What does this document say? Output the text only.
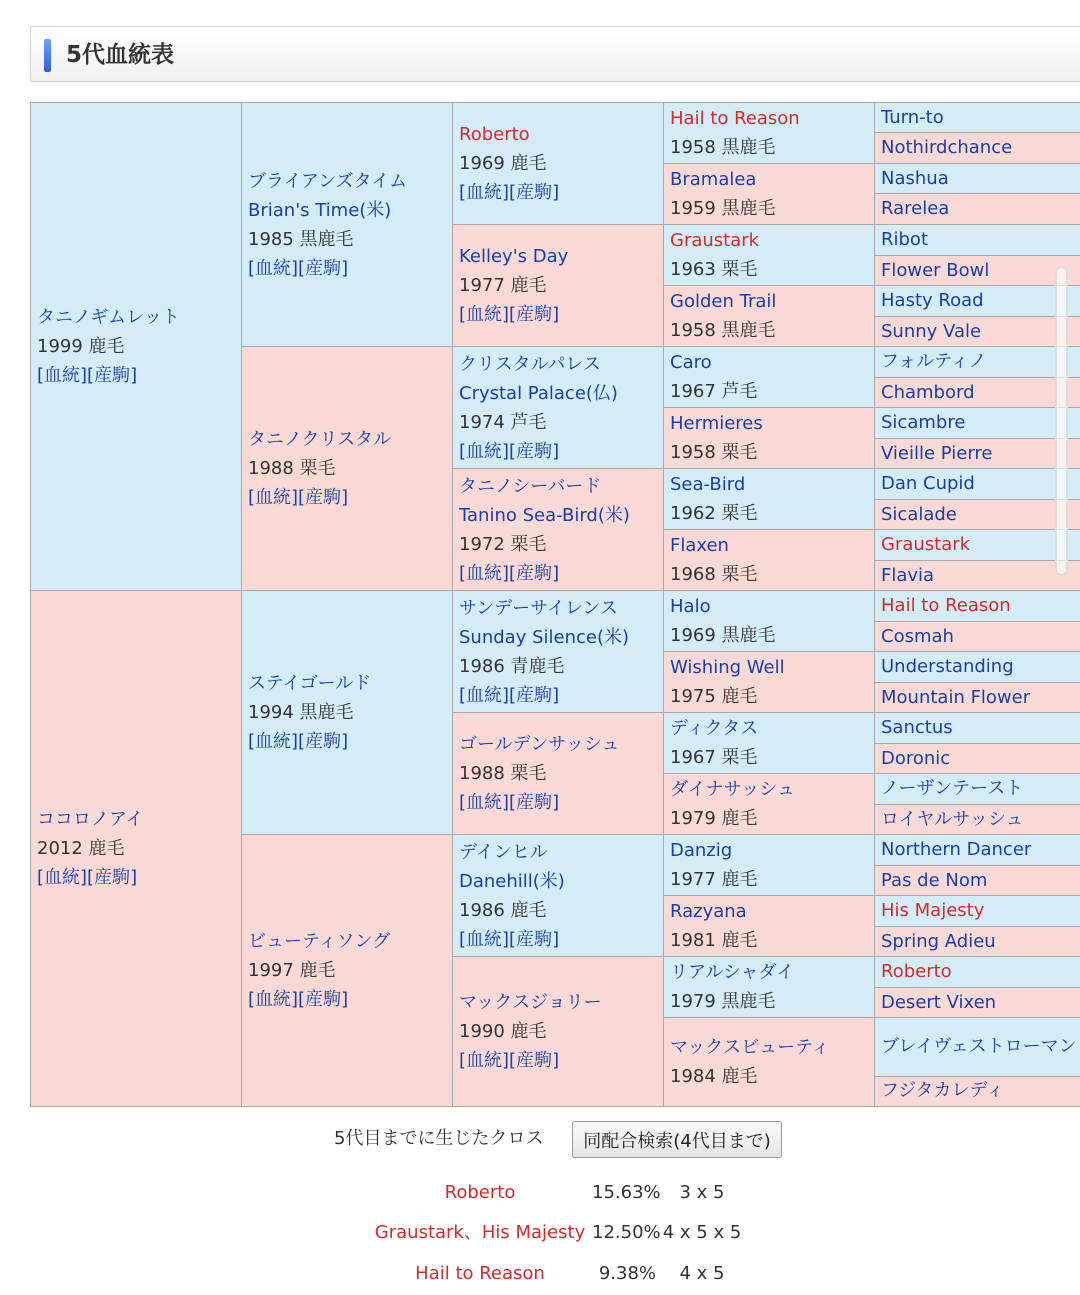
5代血統表
タニノギムレット
1999 鹿毛
[血統][産駒]	ブライアンズタイム
Brian's Time(米)
1985 黒鹿毛
[血統][産駒]	Roberto
1969 鹿毛
[血統][産駒]	Hail to Reason
1958 黒鹿毛	Turn-to

				Nothirdchance

			Bramalea
1959 黒鹿毛	Nashua

				Rarelea

		Kelley's Day
1977 鹿毛
[血統][産駒]	Graustark
1963 栗毛	Ribot

				Flower Bowl

			Golden Trail
1958 黒鹿毛	Hasty Road

				Sunny Vale

	タニノクリスタル
1988 栗毛
[血統][産駒]	クリスタルパレス
Crystal Palace(仏)
1974 芦毛
[血統][産駒]	Caro
1967 芦毛	フォルティノ

				Chambord

			Hermieres
1958 栗毛	Sicambre

				Vieille Pierre

		タニノシーバード
Tanino Sea-Bird(米)
1972 栗毛
[血統][産駒]	Sea-Bird
1962 栗毛	Dan Cupid

				Sicalade

			Flaxen
1968 栗毛	Graustark

				Flavia

ココロノアイ
2012 鹿毛
[血統][産駒]	ステイゴールド
1994 黒鹿毛
[血統][産駒]	サンデーサイレンス
Sunday Silence(米)
1986 青鹿毛
[血統][産駒]	Halo
1969 黒鹿毛	Hail to Reason

				Cosmah

			Wishing Well
1975 鹿毛	Understanding

				Mountain Flower

		ゴールデンサッシュ
1988 栗毛
[血統][産駒]	ディクタス
1967 栗毛	Sanctus

				Doronic

			ダイナサッシュ
1979 鹿毛	ノーザンテースト

				ロイヤルサッシュ

	ビューティソング
1997 鹿毛
[血統][産駒]	デインヒル
Danehill(米)
1986 鹿毛
[血統][産駒]	Danzig
1977 鹿毛	Northern Dancer

				Pas de Nom

			Razyana
1981 鹿毛	His Majesty

				Spring Adieu

		マックスジョリー
1990 鹿毛
[血統][産駒]	リアルシャダイ
1979 黒鹿毛	Roberto

				Desert Vixen

			マックスビューティ
1984 鹿毛	ブレイヴェストローマン

				フジタカレディ
5代目までに生じたクロス	同配合検索(4代目まで)
Roberto	15.63%	3 x 5
Graustark、His Majesty 12.50% 4 x 5 x 5
Hail to Reason	9.38%	4 x 5
